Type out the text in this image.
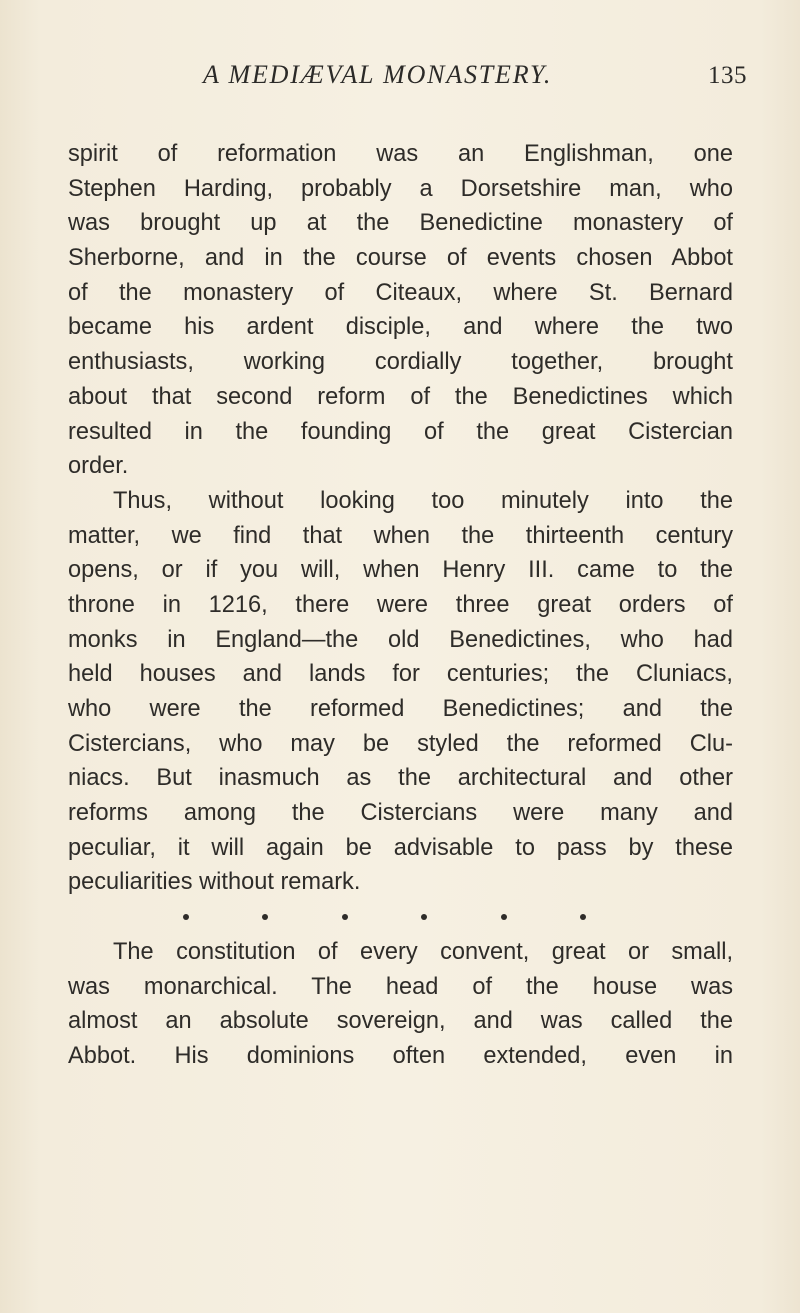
A MEDIÆVAL MONASTERY.	135
spirit of reformation was an Englishman, one
Stephen Harding, probably a Dorsetshire man, who
was brought up at the Benedictine monastery of
Sherborne, and in the course of events chosen Abbot
of the monastery of Citeaux, where St. Bernard
became his ardent disciple, and where the two
enthusiasts, working cordially together, brought
about that second reform of the Benedictines which
resulted in the founding of the great Cistercian
order.
Thus, without looking too minutely into the
matter, we find that when the thirteenth century
opens, or if you will, when Henry III. came to the
throne in 1216, there were three great orders of
monks in England—the old Benedictines, who had
held houses and lands for centuries; the Cluniacs,
who were the reformed Benedictines; and the
Cistercians, who may be styled the reformed Clu-
niacs. But inasmuch as the architectural and other
reforms among the Cistercians were many and
peculiar, it will again be advisable to pass by these
peculiarities without remark.
The constitution of every convent, great or small,
was monarchical. The head of the house was
almost an absolute sovereign, and was called the
Abbot. His dominions often extended, even in
